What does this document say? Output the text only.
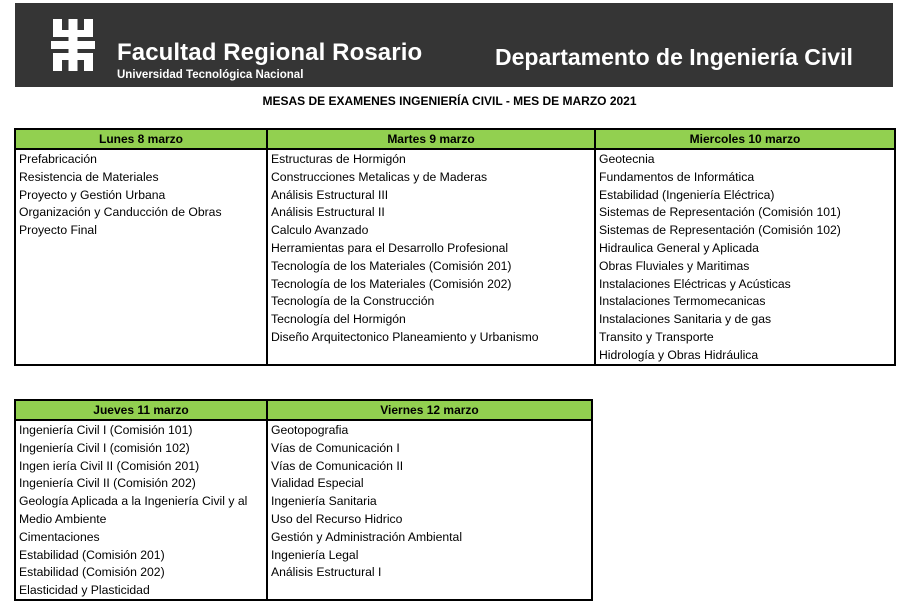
Facultad Regional Rosario
Universidad Tecnológica Nacional
Departamento de Ingeniería Civil
MESAS DE EXAMENES INGENIERÍA CIVIL - MES DE MARZO 2021
Lunes 8 marzo
Prefabricación
Resistencia de Materiales
Proyecto y Gestión Urbana
Organización y Canducción de Obras
Proyecto Final
Martes 9 marzo
Estructuras de Hormigón
Construcciones Metalicas y de Maderas
Análisis Estructural III
Análisis Estructural II
Calculo Avanzado
Herramientas para el Desarrollo Profesional
Tecnología de los Materiales (Comisión 201)
Tecnología de los Materiales (Comisión 202)
Tecnología de la Construcción
Tecnología del Hormigón
Diseño Arquitectonico Planeamiento y Urbanismo
Miercoles 10 marzo
Geotecnia
Fundamentos de Informática
Estabilidad (Ingeniería Eléctrica)
Sistemas de Representación (Comisión 101)
Sistemas de Representación (Comisión 102)
Hidraulica General y Aplicada
Obras Fluviales y Maritimas
Instalaciones Eléctricas y Acústicas
Instalaciones Termomecanicas
Instalaciones Sanitaria y de gas
Transito y Transporte
Hidrología y Obras Hidráulica
Jueves 11 marzo
Ingeniería Civil I (Comisión 101)
Ingeniería Civil I (comisión 102)
Ingen iería Civil II (Comisión 201)
Ingeniería Civil II (Comisión 202)
Geología Aplicada a la Ingeniería Civil y al Medio Ambiente
Cimentaciones
Estabilidad (Comisión 201)
Estabilidad (Comisión 202)
Elasticidad y Plasticidad
Viernes 12 marzo
Geotopografia
Vías de Comunicación I
Vías de Comunicación II
Vialidad Especial
Ingeniería Sanitaria
Uso del Recurso Hidrico
Gestión y Administración Ambiental
Ingeniería Legal
Análisis Estructural I
